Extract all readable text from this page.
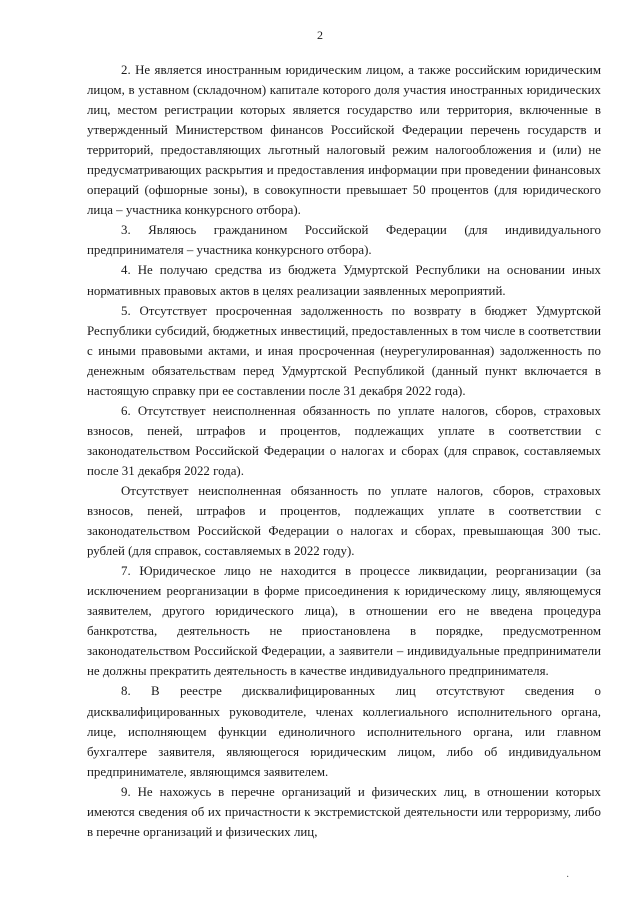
2

2. Не является иностранным юридическим лицом, а также российским юридическим лицом, в уставном (складочном) капитале которого доля участия иностранных юридических лиц, местом регистрации которых является государство или территория, включенные в утвержденный Министерством финансов Российской Федерации перечень государств и территорий, предоставляющих льготный налоговый режим налогообложения и (или) не предусматривающих раскрытия и предоставления информации при проведении финансовых операций (офшорные зоны), в совокупности превышает 50 процентов (для юридического лица – участника конкурсного отбора).

3. Являюсь гражданином Российской Федерации (для индивидуального предпринимателя – участника конкурсного отбора).

4. Не получаю средства из бюджета Удмуртской Республики на основании иных нормативных правовых актов в целях реализации заявленных мероприятий.

5. Отсутствует просроченная задолженность по возврату в бюджет Удмуртской Республики субсидий, бюджетных инвестиций, предоставленных в том числе в соответствии с иными правовыми актами, и иная просроченная (неурегулированная) задолженность по денежным обязательствам перед Удмуртской Республикой (данный пункт включается в настоящую справку при ее составлении после 31 декабря 2022 года).

6. Отсутствует неисполненная обязанность по уплате налогов, сборов, страховых взносов, пеней, штрафов и процентов, подлежащих уплате в соответствии с законодательством Российской Федерации о налогах и сборах (для справок, составляемых после 31 декабря 2022 года).

Отсутствует неисполненная обязанность по уплате налогов, сборов, страховых взносов, пеней, штрафов и процентов, подлежащих уплате в соответствии с законодательством Российской Федерации о налогах и сборах, превышающая 300 тыс. рублей (для справок, составляемых в 2022 году).

7. Юридическое лицо не находится в процессе ликвидации, реорганизации (за исключением реорганизации в форме присоединения к юридическому лицу, являющемуся заявителем, другого юридического лица), в отношении его не введена процедура банкротства, деятельность не приостановлена в порядке, предусмотренном законодательством Российской Федерации, а заявители – индивидуальные предприниматели не должны прекратить деятельность в качестве индивидуального предпринимателя.

8. В реестре дисквалифицированных лиц отсутствуют сведения о дисквалифицированных руководителе, членах коллегиального исполнительного органа, лице, исполняющем функции единоличного исполнительного органа, или главном бухгалтере заявителя, являющегося юридическим лицом, либо об индивидуальном предпринимателе, являющимся заявителем.

9. Не нахожусь в перечне организаций и физических лиц, в отношении которых имеются сведения об их причастности к экстремистской деятельности или терроризму, либо в перечне организаций и физических лиц,

·
